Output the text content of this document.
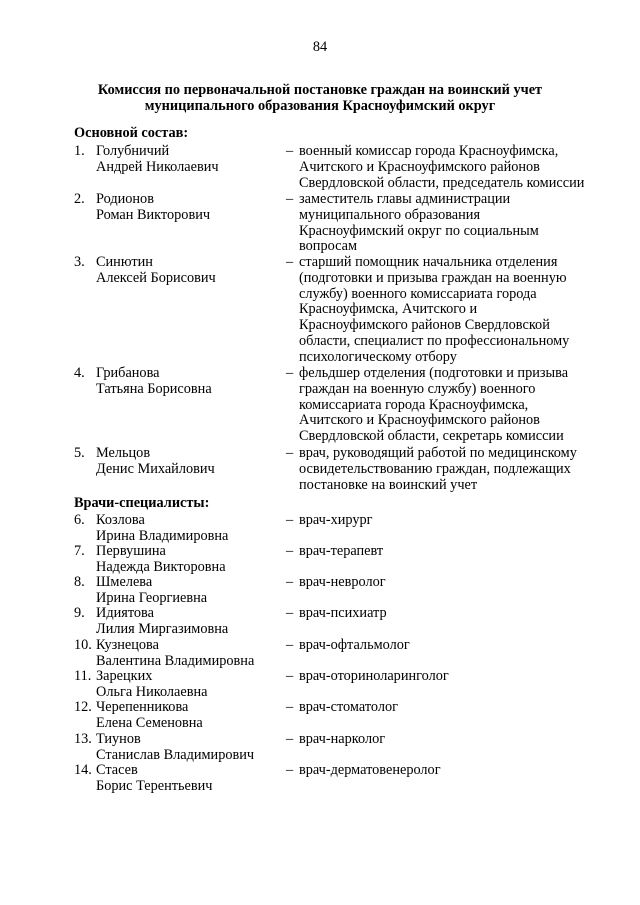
84
Комиссия по первоначальной постановке граждан на воинский учет
муниципального образования Красноуфимский округ
Основной состав:
1. Голубничий
Андрей Николаевич
– военный комиссар города Красноуфимска,
Ачитского и Красноуфимского районов
Свердловской области, председатель комиссии
2. Родионов
Роман Викторович
– заместитель главы администрации
муниципального образования
Красноуфимский округ по социальным
вопросам
3. Синютин
Алексей Борисович
– старший помощник начальника отделения
(подготовки и призыва граждан на военную
службу) военного комиссариата города
Красноуфимска, Ачитского и
Красноуфимского районов Свердловской
области, специалист по профессиональному
психологическому отбору
4. Грибанова
Татьяна Борисовна
– фельдшер отделения (подготовки и призыва
граждан на военную службу) военного
комиссариата города Красноуфимска,
Ачитского и Красноуфимского районов
Свердловской области, секретарь комиссии
5. Мельцов
Денис Михайлович
– врач, руководящий работой по медицинскому
освидетельствованию граждан, подлежащих
постановке на воинский учет
Врачи-специалисты:
6. Козлова
Ирина Владимировна
– врач-хирург
7. Первушина
Надежда Викторовна
– врач-терапевт
8. Шмелева
Ирина Георгиевна
– врач-невролог
9. Идиятова
Лилия Миргазимовна
– врач-психиатр
10. Кузнецова
Валентина Владимировна
– врач-офтальмолог
11. Зарецких
Ольга Николаевна
– врач-оториноларинголог
12. Черепенникова
Елена Семеновна
– врач-стоматолог
13. Тиунов
Станислав Владимирович
– врач-нарколог
14. Стасев
Борис Терентьевич
– врач-дерматовенеролог
